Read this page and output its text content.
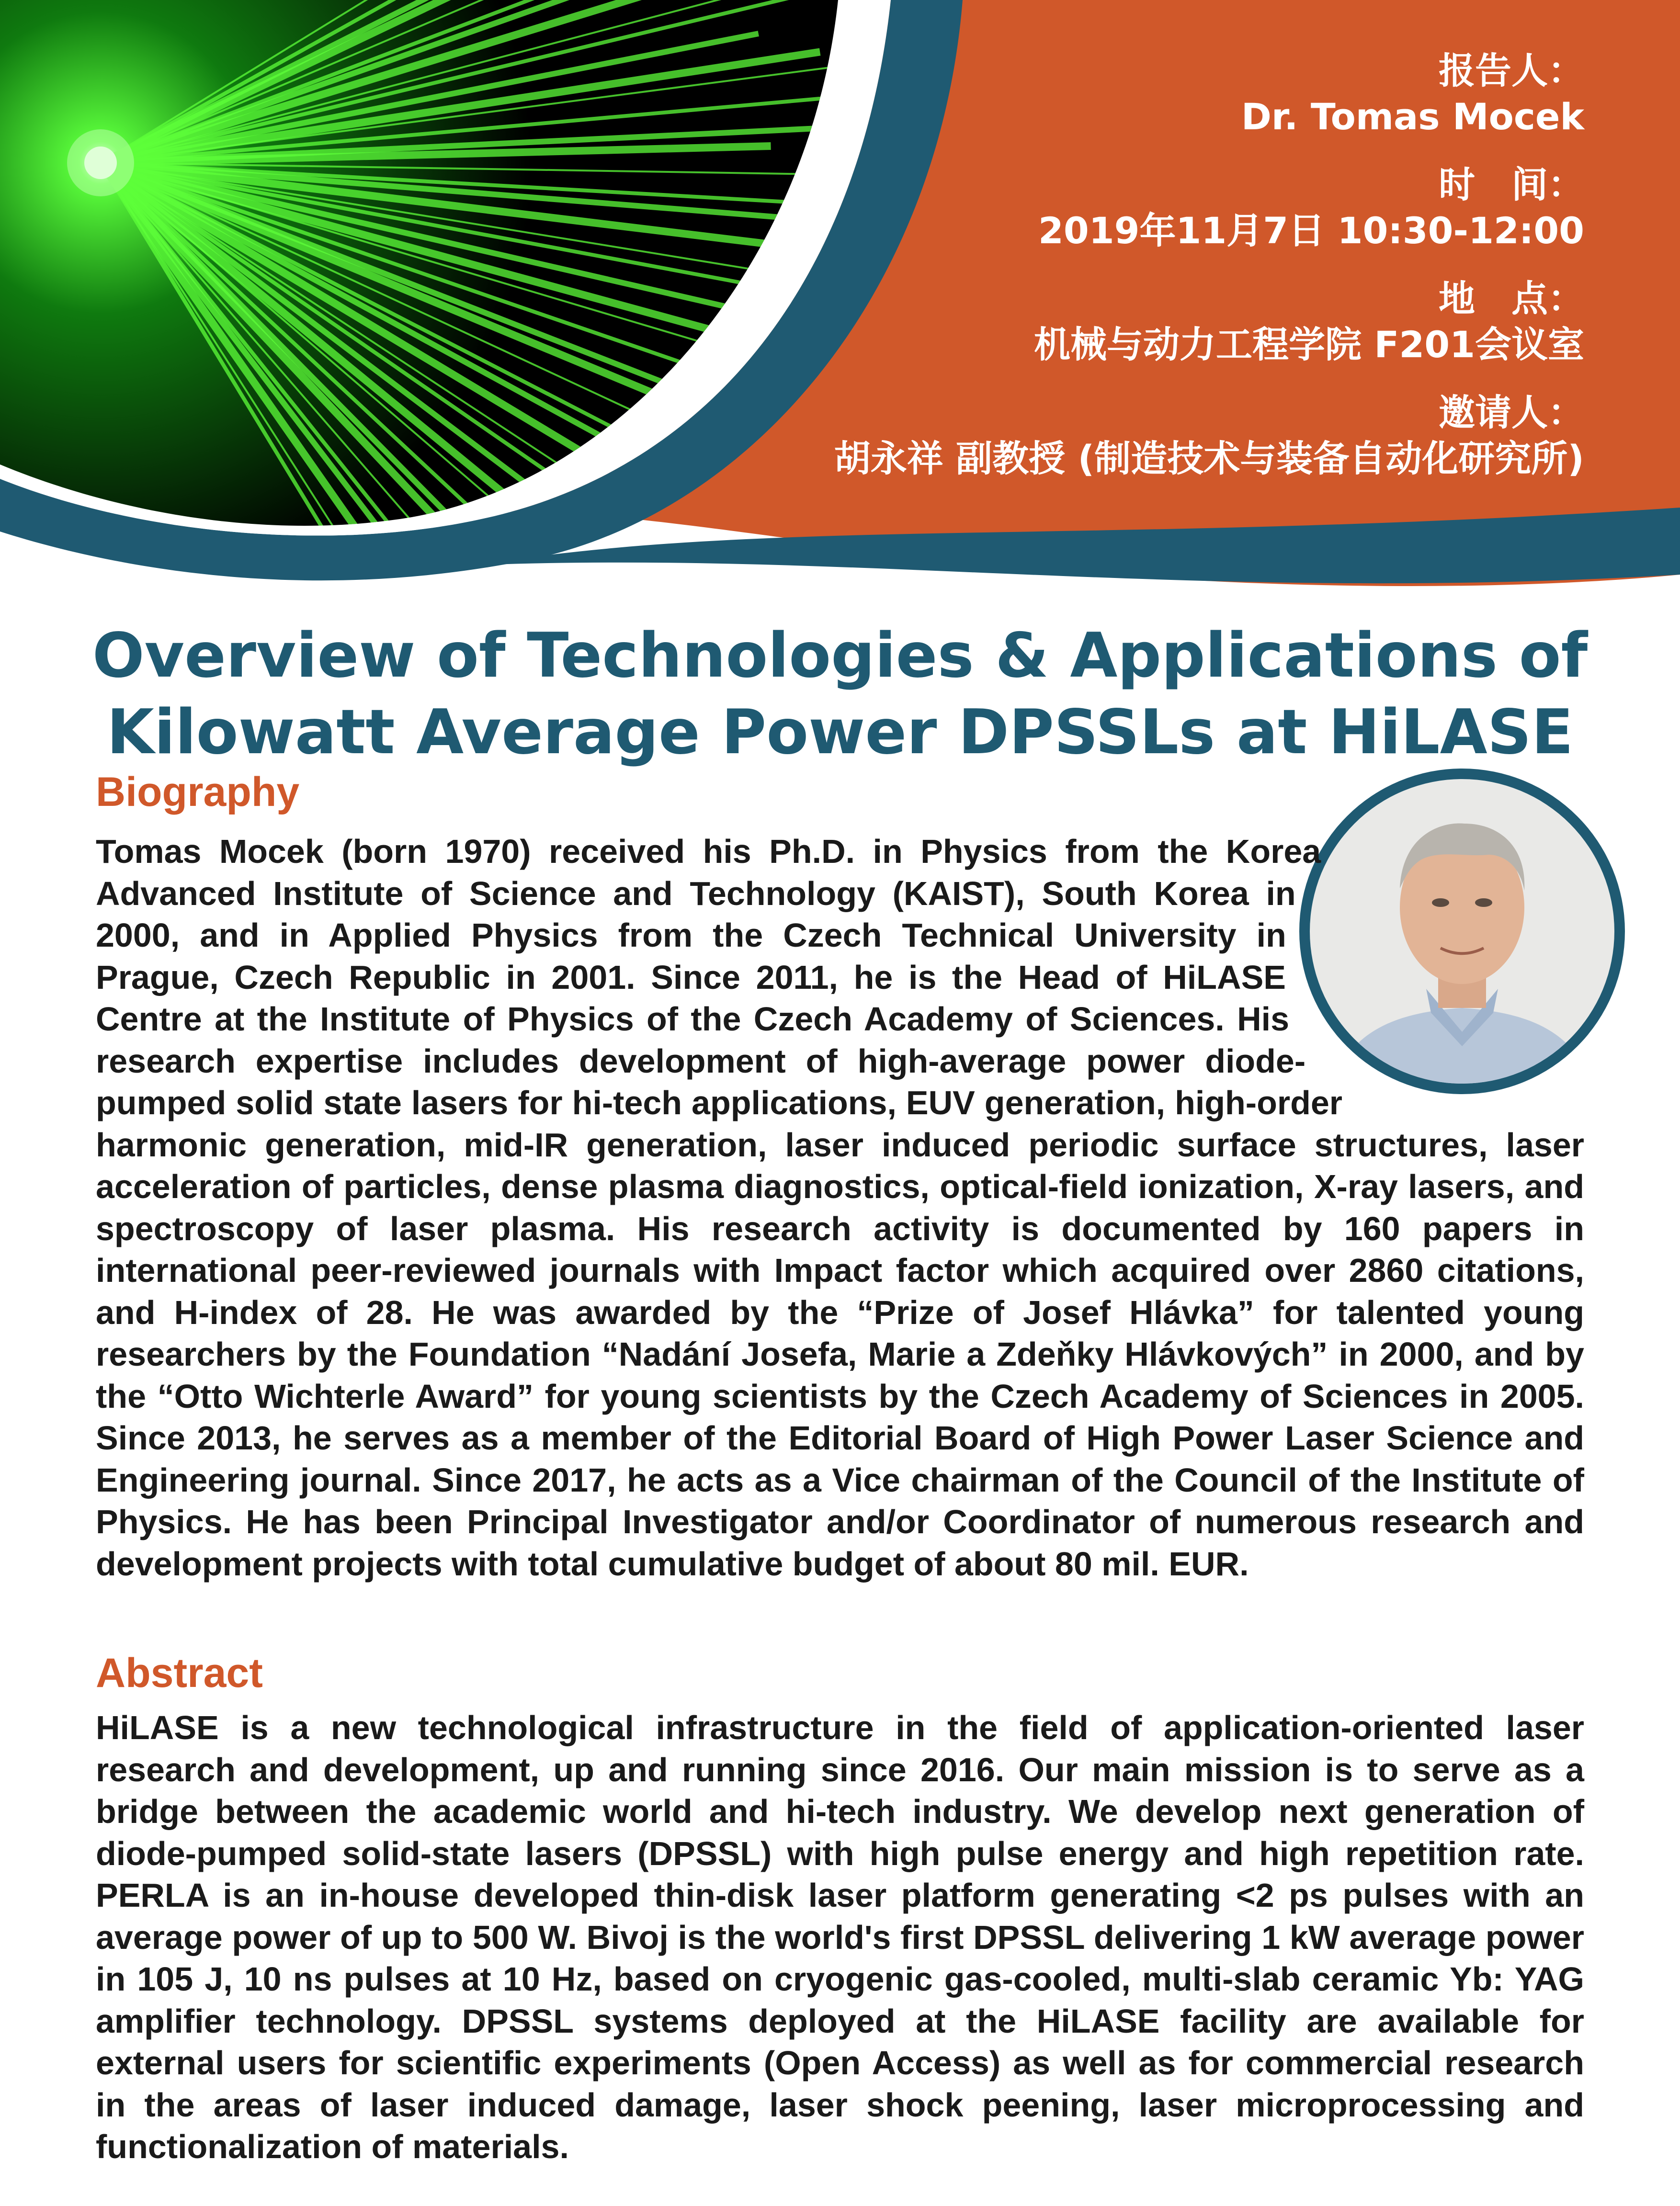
报告人：
Dr. Tomas Mocek
时　间：
2019年11月7日 10:30-12:00
地　点：
机械与动力工程学院 F201会议室
邀请人：
胡永祥 副教授 (制造技术与装备自动化研究所)
Overview of Technologies & Applications of
Kilowatt Average Power DPSSLs at HiLASE
Biography
Tomas Mocek (born 1970) received his Ph.D. in Physics from the Korea Advanced Institute of Science and Technology (KAIST), South Korea in 2000, and in Applied Physics from the Czech Technical University in Prague, Czech Republic in 2001. Since 2011, he is the Head of HiLASE Centre at the Institute of Physics of the Czech Academy of Sciences. His research expertise includes development of high-average power diode-pumped solid state lasers for hi-tech applications, EUV generation, high-order harmonic generation, mid-IR generation, laser induced periodic surface structures, laser acceleration of particles, dense plasma diagnostics, optical-field ionization, X-ray lasers, and spectroscopy of laser plasma. His research activity is documented by 160 papers in international peer-reviewed journals with Impact factor which acquired over 2860 citations, and H-index of 28. He was awarded by the “Prize of Josef Hlávka” for talented young researchers by the Foundation “Nadání Josefa, Marie a Zdeňky Hlávkových” in 2000, and by the “Otto Wichterle Award” for young scientists by the Czech Academy of Sciences in 2005. Since 2013, he serves as a member of the Editorial Board of High Power Laser Science and Engineering journal. Since 2017, he acts as a Vice chairman of the Council of the Institute of Physics. He has been Principal Investigator and/or Coordinator of numerous research and development projects with total cumulative budget of about 80 mil. EUR.
Abstract
HiLASE is a new technological infrastructure in the field of application-oriented laser research and development, up and running since 2016. Our main mission is to serve as a bridge between the academic world and hi-tech industry. We develop next generation of diode-pumped solid-state lasers (DPSSL) with high pulse energy and high repetition rate. PERLA is an in-house developed thin-disk laser platform generating <2 ps pulses with an average power of up to 500 W. Bivoj is the world's first DPSSL delivering 1 kW average power in 105 J, 10 ns pulses at 10 Hz, based on cryogenic gas-cooled, multi-slab ceramic Yb: YAG amplifier technology. DPSSL systems deployed at the HiLASE facility are available for external users for scientific experiments (Open Access) as well as for commercial research in the areas of laser induced damage, laser shock peening, laser microprocessing and functionalization of materials.
